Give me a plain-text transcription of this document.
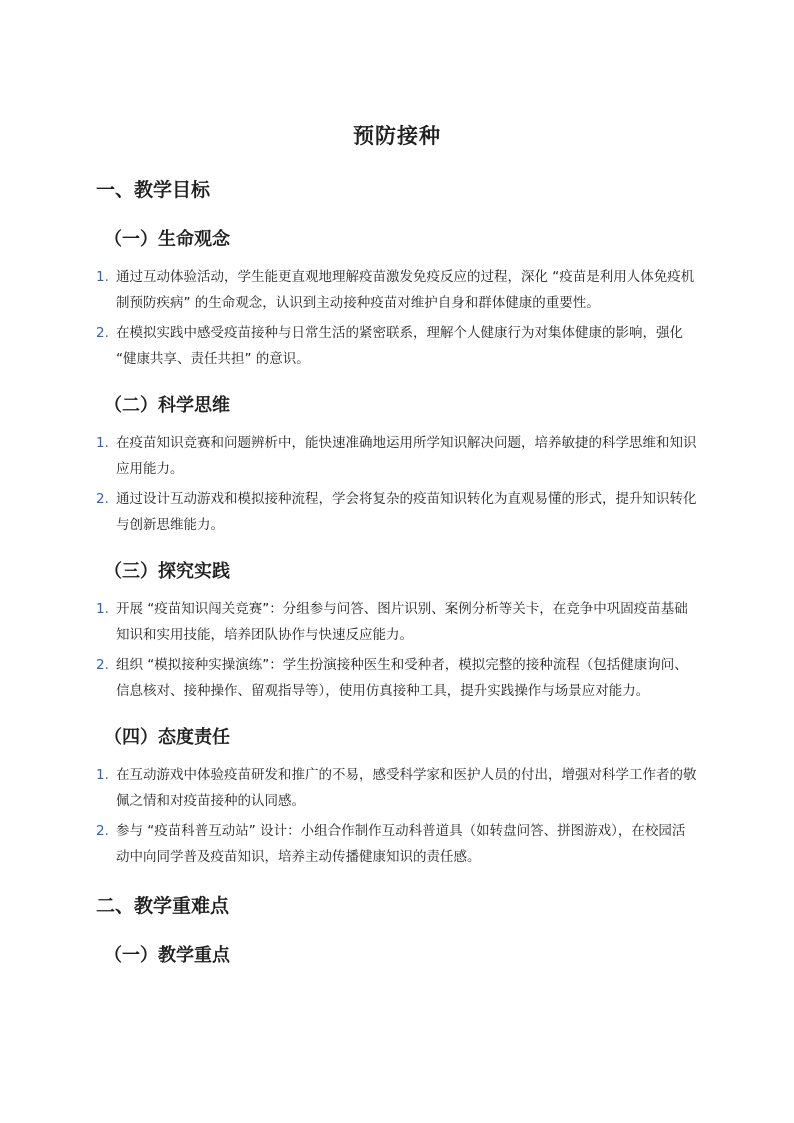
预防接种
一、教学目标
（一）生命观念
1. 通过互动体验活动，学生能更直观地理解疫苗激发免疫反应的过程，深化 “疫苗是利用人体免疫机制预防疾病” 的生命观念，认识到主动接种疫苗对维护自身和群体健康的重要性。
2. 在模拟实践中感受疫苗接种与日常生活的紧密联系，理解个人健康行为对集体健康的影响，强化 “健康共享、责任共担” 的意识。
（二）科学思维
1. 在疫苗知识竞赛和问题辨析中，能快速准确地运用所学知识解决问题，培养敏捷的科学思维和知识应用能力。
2. 通过设计互动游戏和模拟接种流程，学会将复杂的疫苗知识转化为直观易懂的形式，提升知识转化与创新思维能力。
（三）探究实践
1. 开展 “疫苗知识闯关竞赛”：分组参与问答、图片识别、案例分析等关卡，在竞争中巩固疫苗基础知识和实用技能，培养团队协作与快速反应能力。
2. 组织 “模拟接种实操演练”：学生扮演接种医生和受种者，模拟完整的接种流程（包括健康询问、信息核对、接种操作、留观指导等），使用仿真接种工具，提升实践操作与场景应对能力。
（四）态度责任
1. 在互动游戏中体验疫苗研发和推广的不易，感受科学家和医护人员的付出，增强对科学工作者的敬佩之情和对疫苗接种的认同感。
2. 参与 “疫苗科普互动站” 设计：小组合作制作互动科普道具（如转盘问答、拼图游戏），在校园活动中向同学普及疫苗知识，培养主动传播健康知识的责任感。
二、教学重难点
（一）教学重点
